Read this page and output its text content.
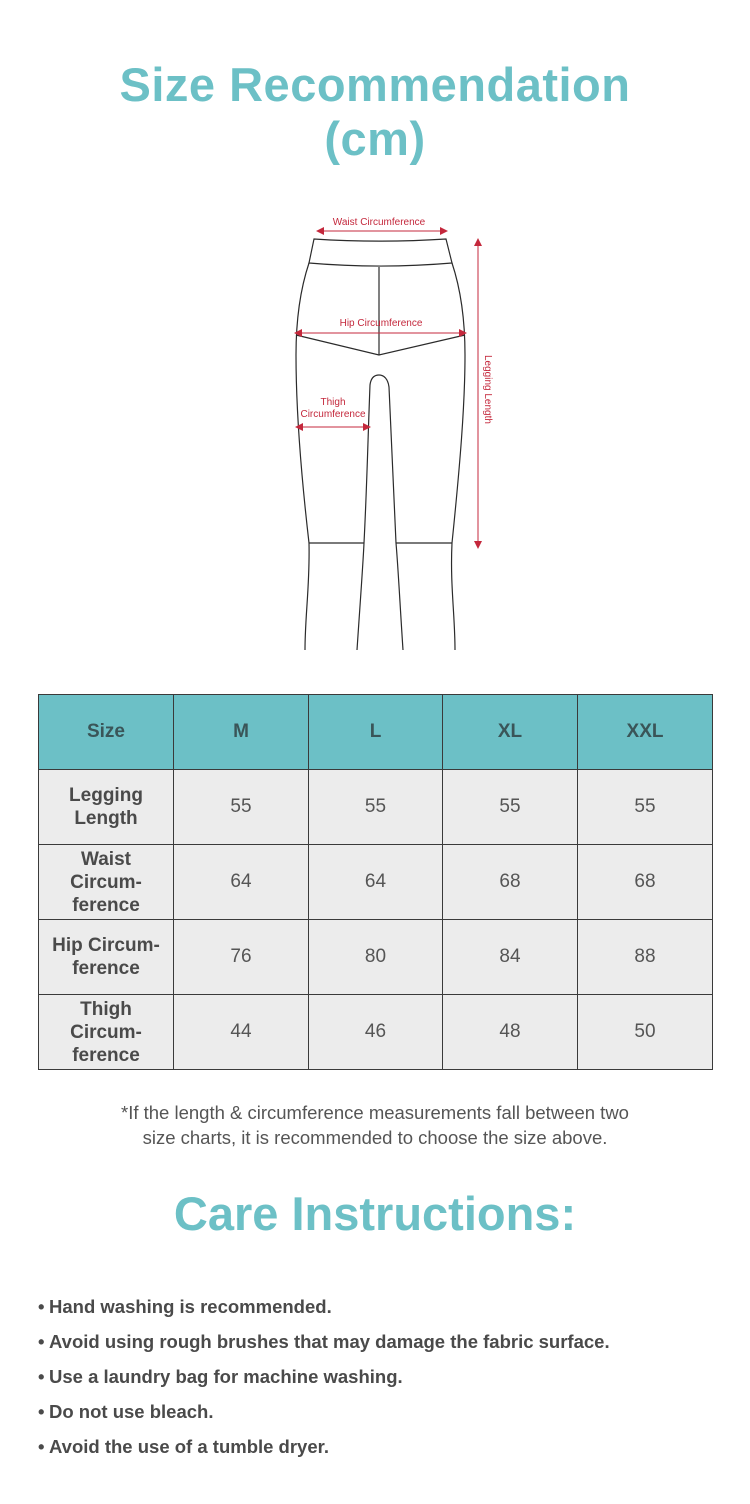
Size Recommendation
(cm)
Waist Circumference
Hip Circumference
Thigh
Circumference	Legging Length
Size	M	L	XL	XXL
Legging
Length	55	55	55	55
Waist
Circum-
ference	64	64	68	68
Hip Circum-
ference	76	80	84	88
Thigh
Circum-
ference	44	46	48	50
*If the length & circumference measurements fall between two
size charts, it is recommended to choose the size above.
Care Instructions:
• Hand washing is recommended.
• Avoid using rough brushes that may damage the fabric surface.
• Use a laundry bag for machine washing.
• Do not use bleach.
• Avoid the use of a tumble dryer.
